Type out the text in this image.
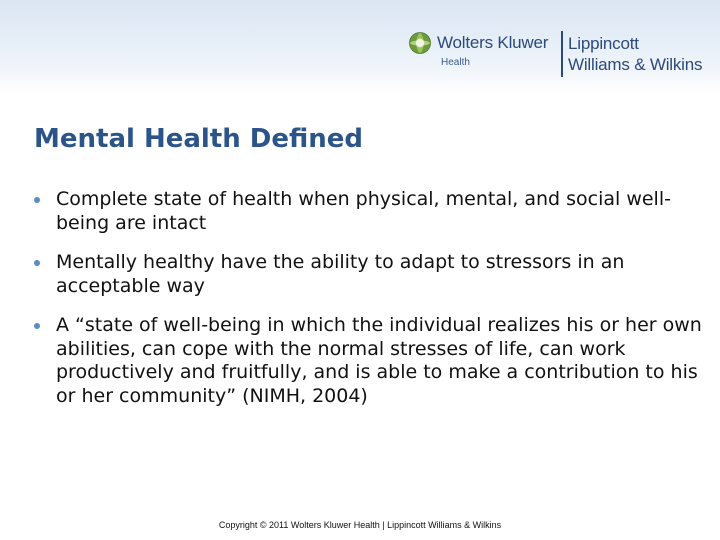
Wolters Kluwer
Health
Lippincott
Williams & Wilkins
Mental Health Defined
Complete state of health when physical, mental, and social well-being are intact
Mentally healthy have the ability to adapt to stressors in an acceptable way
A “state of well-being in which the individual realizes his or her own abilities, can cope with the normal stresses of life, can work productively and fruitfully, and is able to make a contribution to his or her community” (NIMH, 2004)
Copyright © 2011 Wolters Kluwer Health | Lippincott Williams & Wilkins
